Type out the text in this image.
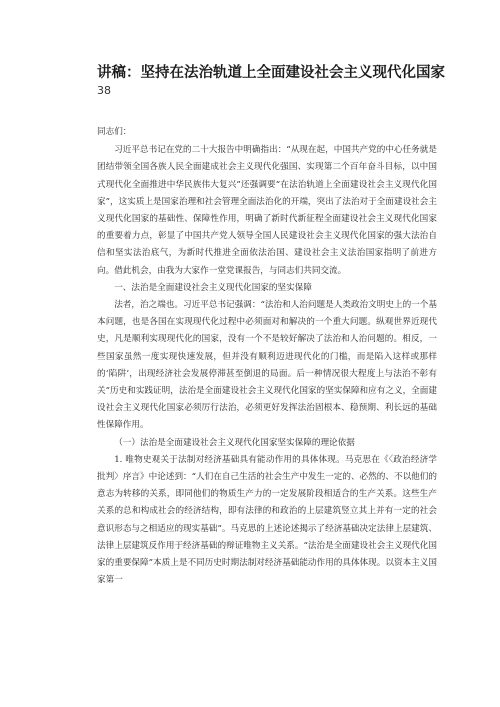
讲稿：坚持在法治轨道上全面建设社会主义现代化国家
38

同志们：

习近平总书记在党的二十大报告中明确指出：“从现在起，中国共产党的中心任务就是团结带领全国各族人民全面建成社会主义现代化强国、实现第二个百年奋斗目标，以中国式现代化全面推进中华民族伟大复兴”还强调要“在法治轨道上全面建设社会主义现代化国家”，这实质上是国家治理和社会管理全面法治化的开端，突出了法治对于全面建设社会主义现代化国家的基础性、保障性作用，明确了新时代新征程全面建设社会主义现代化国家的重要着力点，彰显了中国共产党人领导全国人民建设社会主义现代化国家的强大法治自信和坚实法治底气，为新时代推进全面依法治国、建设社会主义法治国家指明了前进方向。借此机会，由我为大家作一堂党课报告，与同志们共同交流。

一、法治是全面建设社会主义现代化国家的坚实保障

法者，治之端也。习近平总书记强调：“法治和人治问题是人类政治文明史上的一个基本问题，也是各国在实现现代化过程中必须面对和解决的一个重大问题。纵观世界近现代史，凡是顺利实现现代化的国家，没有一个不是较好解决了法治和人治问题的。相反，一些国家虽然一度实现快速发展，但并没有顺利迈进现代化的门槛，而是陷入这样或那样的‘陷阱’，出现经济社会发展停滞甚至倒退的局面。后一种情况很大程度上与法治不彰有关”历史和实践证明，法治是全面建设社会主义现代化国家的坚实保障和应有之义，全面建设社会主义现代化国家必须厉行法治，必须更好发挥法治固根本、稳预期、利长远的基础性保障作用。

（一）法治是全面建设社会主义现代化国家坚实保障的理论依据

1. 唯物史观关于法制对经济基础具有能动作用的具体体现。马克思在《〈政治经济学批判〉序言》中论述到：“人们在自己生活的社会生产中发生一定的、必然的、不以他们的意志为转移的关系，即同他们的物质生产力的一定发展阶段相适合的生产关系。这些生产关系的总和构成社会的经济结构，即有法律的和政治的上层建筑竖立其上并有一定的社会意识形态与之相适应的现实基础”。马克思的上述论述揭示了经济基础决定法律上层建筑、法律上层建筑反作用于经济基础的辩证唯物主义关系。“法治是全面建设社会主义现代化国家的重要保障”本质上是不同历史时期法制对经济基础能动作用的具体体现。以资本主义国家第一
